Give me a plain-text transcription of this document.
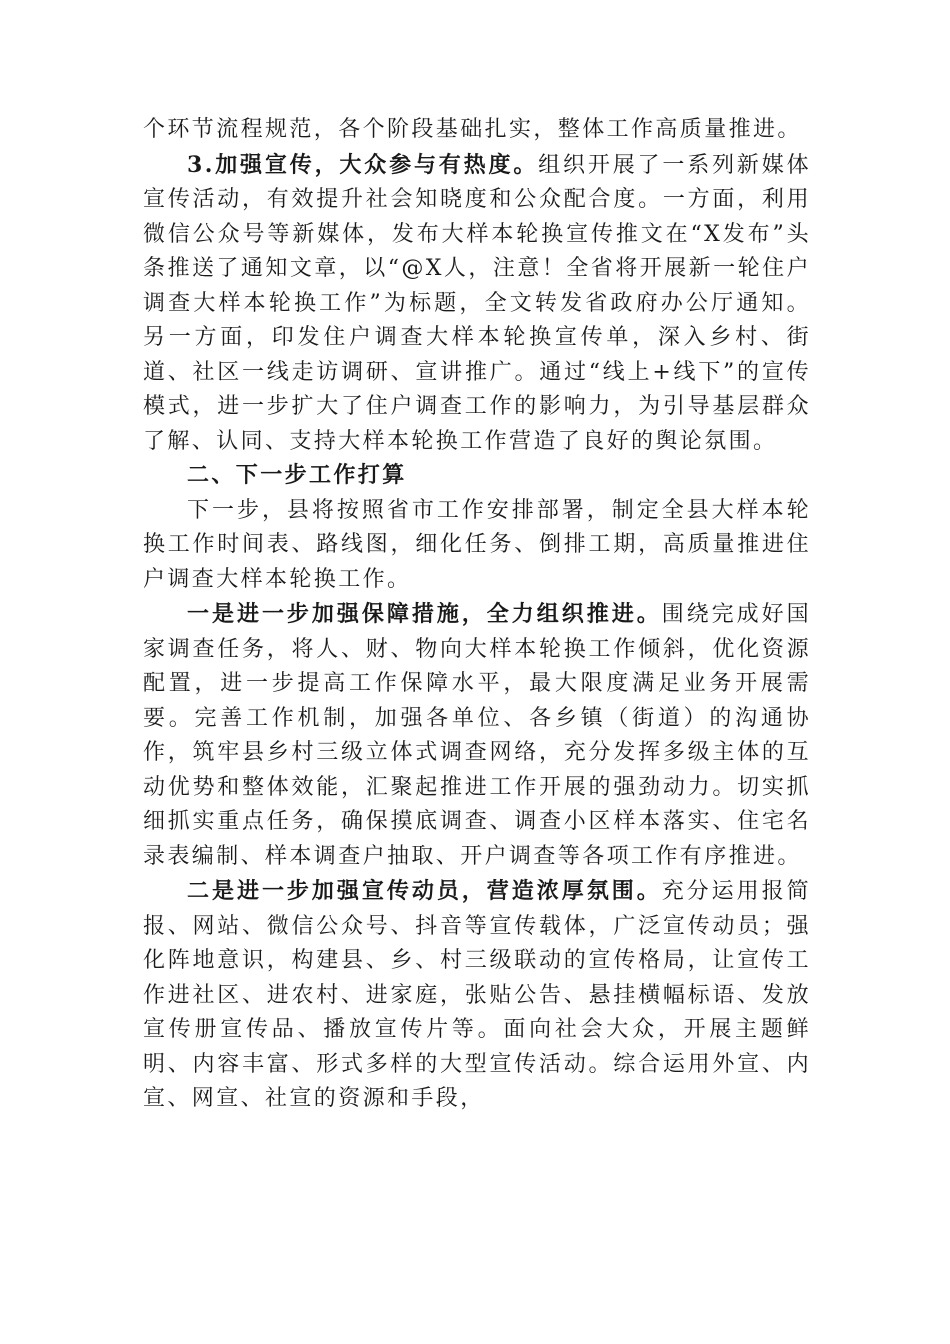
个环节流程规范，各个阶段基础扎实，整体工作高质量推进。

3.加强宣传，大众参与有热度。组织开展了一系列新媒体宣传活动，有效提升社会知晓度和公众配合度。一方面，利用微信公众号等新媒体，发布大样本轮换宣传推文在“X发布”头条推送了通知文章，以“@X人，注意！全省将开展新一轮住户调查大样本轮换工作”为标题，全文转发省政府办公厅通知。另一方面，印发住户调查大样本轮换宣传单，深入乡村、街道、社区一线走访调研、宣讲推广。通过“线上+线下”的宣传模式，进一步扩大了住户调查工作的影响力，为引导基层群众了解、认同、支持大样本轮换工作营造了良好的舆论氛围。

二、下一步工作打算

下一步，县将按照省市工作安排部署，制定全县大样本轮换工作时间表、路线图，细化任务、倒排工期，高质量推进住户调查大样本轮换工作。

一是进一步加强保障措施，全力组织推进。围绕完成好国家调查任务，将人、财、物向大样本轮换工作倾斜，优化资源配置，进一步提高工作保障水平，最大限度满足业务开展需要。完善工作机制，加强各单位、各乡镇（街道）的沟通协作，筑牢县乡村三级立体式调查网络，充分发挥多级主体的互动优势和整体效能，汇聚起推进工作开展的强劲动力。切实抓细抓实重点任务，确保摸底调查、调查小区样本落实、住宅名录表编制、样本调查户抽取、开户调查等各项工作有序推进。

二是进一步加强宣传动员，营造浓厚氛围。充分运用报简报、网站、微信公众号、抖音等宣传载体，广泛宣传动员；强化阵地意识，构建县、乡、村三级联动的宣传格局，让宣传工作进社区、进农村、进家庭，张贴公告、悬挂横幅标语、发放宣传册宣传品、播放宣传片等。面向社会大众，开展主题鲜明、内容丰富、形式多样的大型宣传活动。综合运用外宣、内宣、网宣、社宣的资源和手段，
